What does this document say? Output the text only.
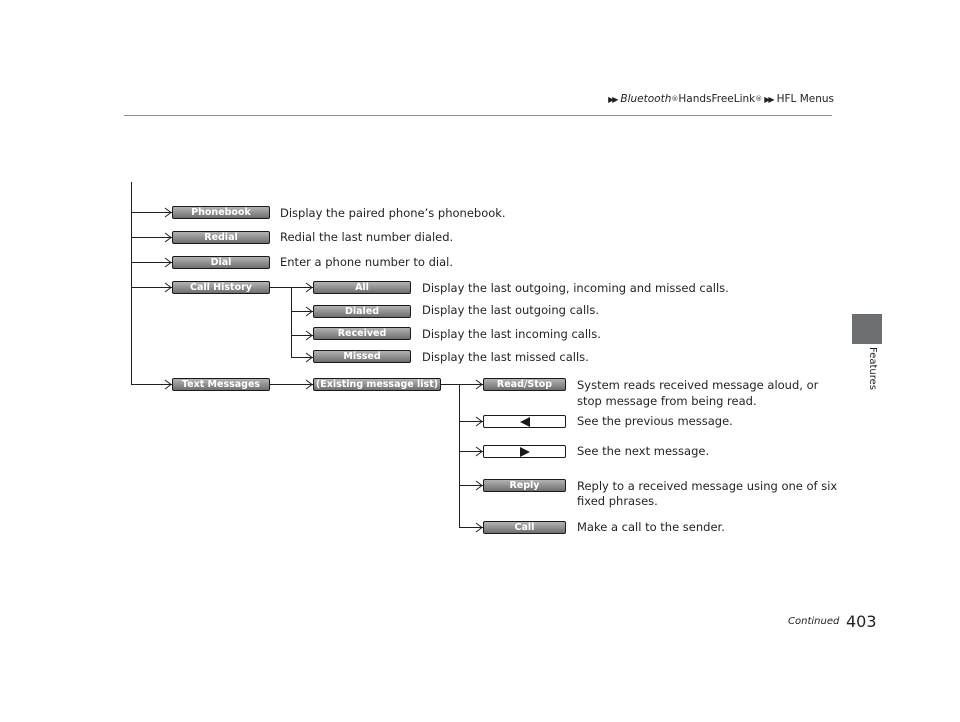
▶▶ Bluetooth ® HandsFreeLink ® ▶▶ HFL Menus
Features
Phonebook	Display the paired phone’s phonebook.
Redial	Redial the last number dialed.
Dial	Enter a phone number to dial.
Call History
Text Messages
All	Display the last outgoing, incoming and missed calls.
Dialed	Display the last outgoing calls.
Received	Display the last incoming calls.
Missed	Display the last missed calls.
(Existing message list)	Read/Stop	System reads received message aloud, or
stop message from being read.
See the previous message.
See the next message.
Reply	Reply to a received message using one of six
fixed phrases.
Call	Make a call to the sender.
Continued 403
